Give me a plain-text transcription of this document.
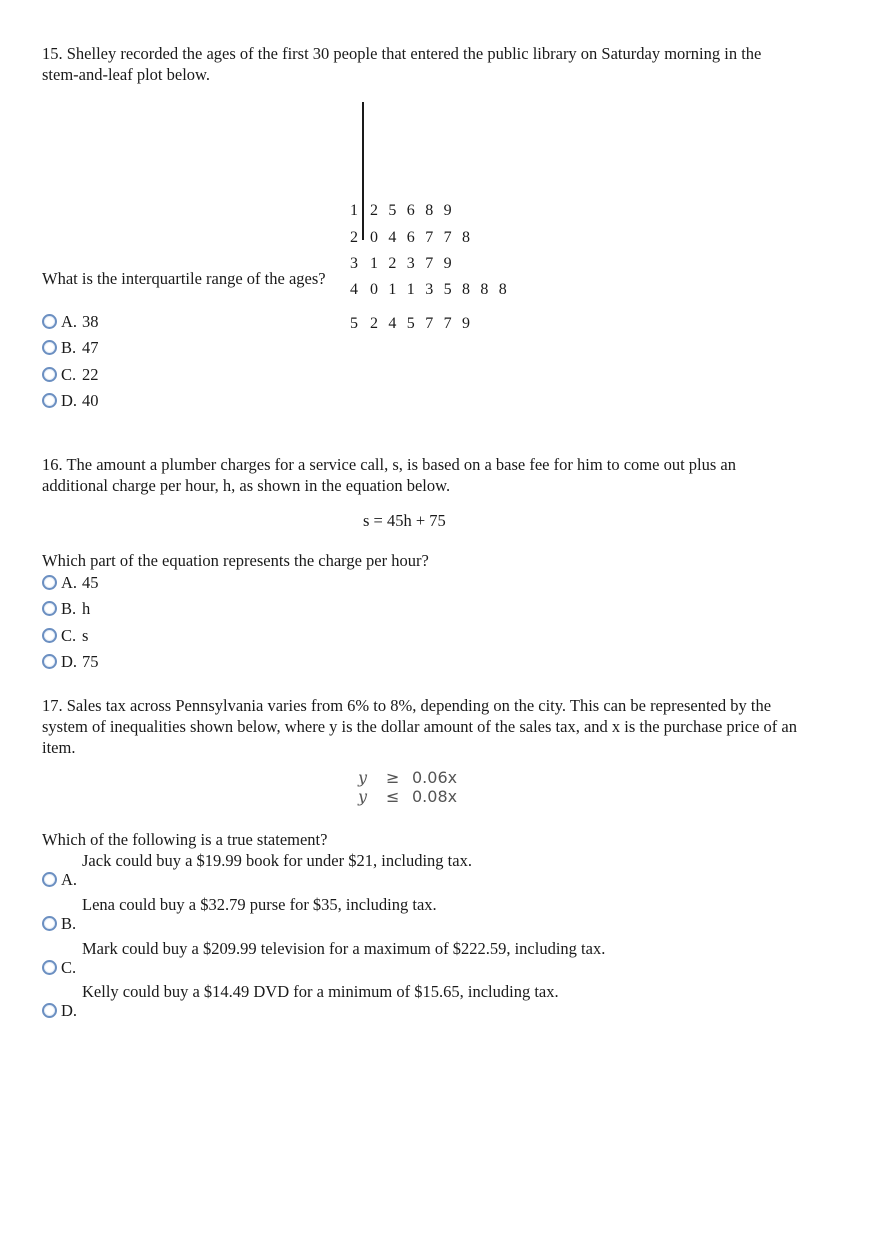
15. Shelley recorded the ages of the first 30 people that entered the public library on Saturday morning in the stem-and-leaf plot below.
1 2 5 6 8 9
2 0 4 6 7 7 8
3 1 2 3 7 9
4 0 1 1 3 5 8 8 8
5 2 4 5 7 7 9
What is the interquartile range of the ages?
A. 38
B. 47
C. 22
D. 40
16. The amount a plumber charges for a service call, s, is based on a base fee for him to come out plus an additional charge per hour, h, as shown in the equation below.
s = 45h + 75
Which part of the equation represents the charge per hour?
A. 45
B. h
C. s
D. 75
17. Sales tax across Pennsylvania varies from 6% to 8%, depending on the city. This can be represented by the system of inequalities shown below, where y is the dollar amount of the sales tax, and x is the purchase price of an item.
y ≥ 0.06x
y ≤ 0.08x
Which of the following is a true statement?
A.
Jack could buy a $19.99 book for under $21, including tax.
B.
Lena could buy a $32.79 purse for $35, including tax.
C.
Mark could buy a $209.99 television for a maximum of $222.59, including tax.
D.
Kelly could buy a $14.49 DVD for a minimum of $15.65, including tax.
